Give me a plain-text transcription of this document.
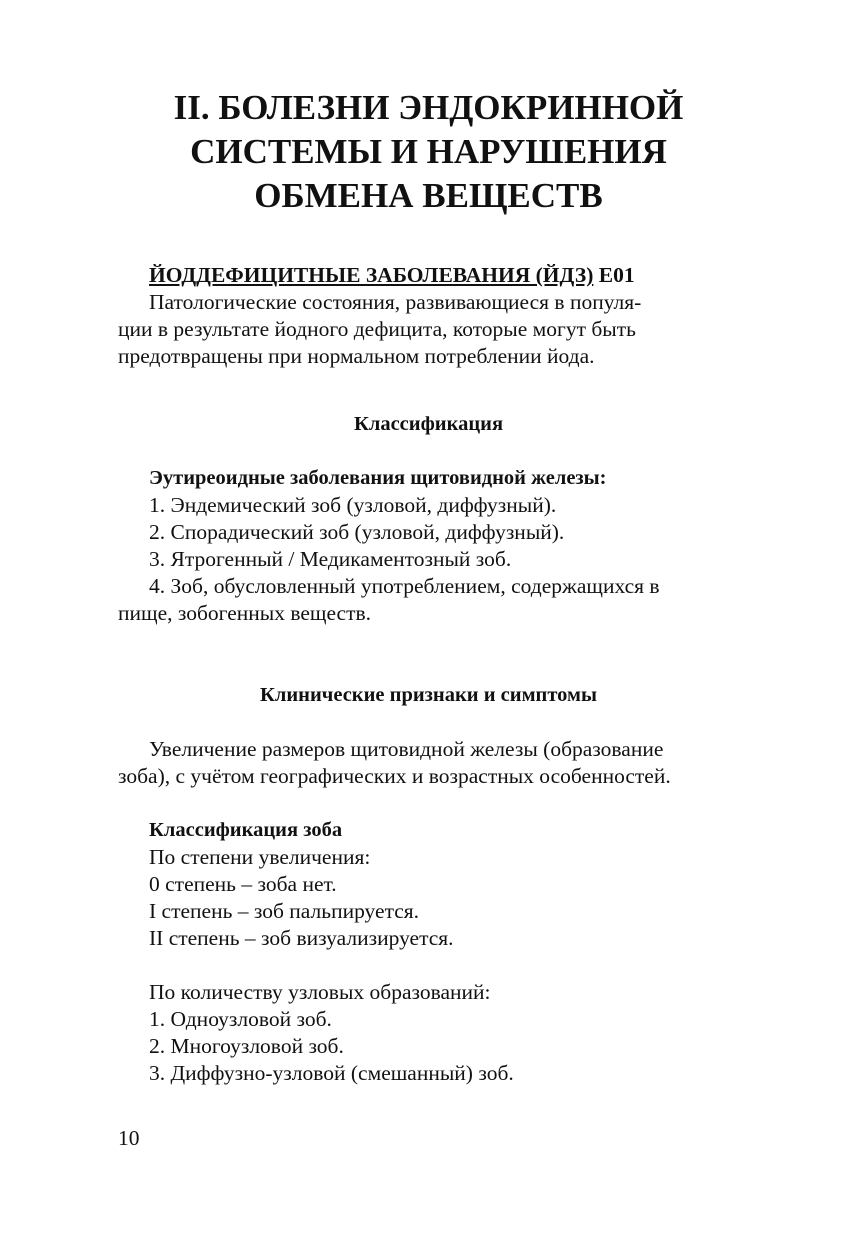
II. БОЛЕЗНИ ЭНДОКРИННОЙ
СИСТЕМЫ И НАРУШЕНИЯ
ОБМЕНА ВЕЩЕСТВ

ЙОДДЕФИЦИТНЫЕ ЗАБОЛЕВАНИЯ (ЙДЗ) Е01

Патологические состояния, развивающиеся в популя-

ции в результате йодного дефицита, которые могут быть

предотвращены при нормальном потреблении йода.

Классификация

Эутиреоидные заболевания щитовидной железы:

1. Эндемический зоб (узловой, диффузный).

2. Спорадический зоб (узловой, диффузный).

3. Ятрогенный / Медикаментозный зоб.

4. Зоб, обусловленный употреблением, содержащихся в

пище, зобогенных веществ.

Клинические признаки и симптомы

Увеличение размеров щитовидной железы (образование

зоба), с учётом географических и возрастных особенностей.

Классификация зоба

По степени увеличения:

0 степень – зоба нет.

I степень – зоб пальпируется.

II степень – зоб визуализируется.

По количеству узловых образований:

1. Одноузловой зоб.

2. Многоузловой зоб.

3. Диффузно-узловой (смешанный) зоб.

10
